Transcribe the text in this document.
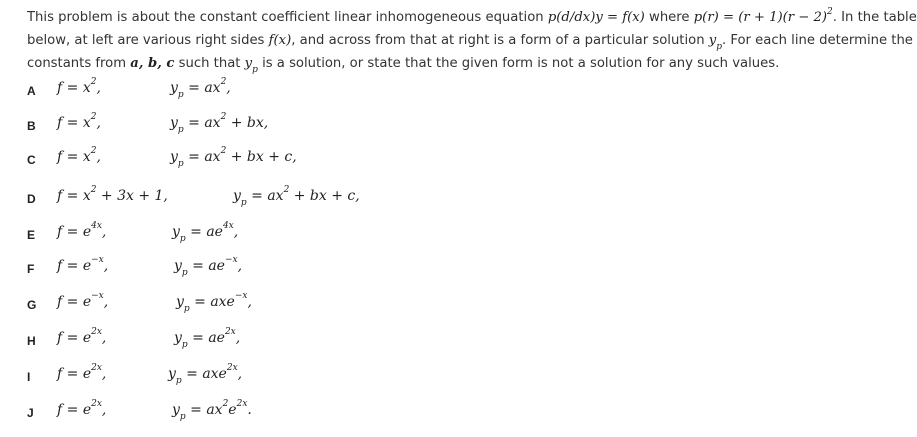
This problem is about the constant coefficient linear inhomogeneous equation p(d/dx)y = f(x) where $p(r) = (r + 1)(r - 2)^2$. In the table
below, at left are various right sides f(x), and across from that at right is a form of a particular solution $y_p$. For each line determine the
constants from a, b, c such that $y_p$ is a solution, or state that the given form is not a solution for any such values.
A $f = x^2$,	$y_p = ax^2$,
B $f = x^2$,	$y_p = ax^2$ + bx,
C $f = x^2$,	$y_p = ax^2$ + bx + c,
D $f = x^2 + 3x + 1$,	$y_p = ax^2$ + bx + c,
E $f = e^{4x}$,	$y_p = ae^{4x}$,
F $f = e^{-x}$,	$y_p = ae^{-x}$,
G $f = e^{-x}$,	$y_p = axe^{-x}$,
H $f = e^{2x}$,	$y_p = ae^{2x}$,
I $f = e^{2x}$,	$y_p = axe^{2x}$,
J $f = e^{2x}$,	$y_p = ax^2e^{2x}$.
